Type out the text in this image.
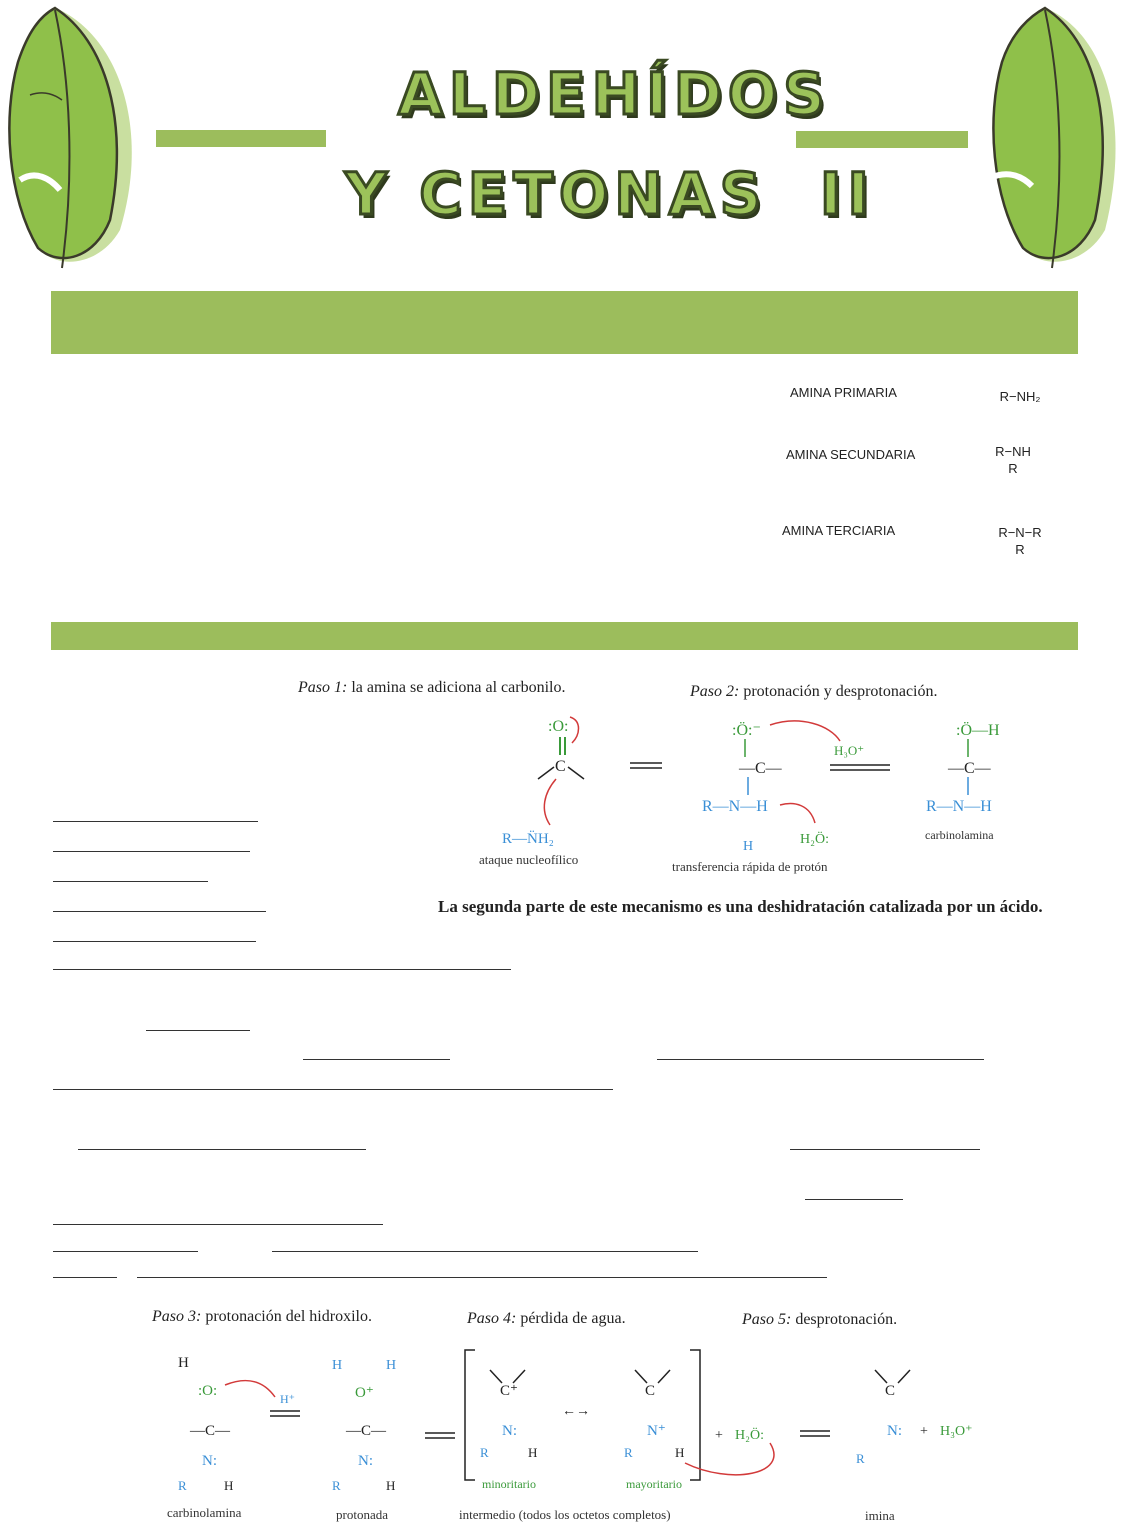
ALDEHÍDOS
Y CETONAS  II
AMINA PRIMARIA	R−NH₂
AMINA SECUNDARIA	R−NH
R
AMINA TERCIARIA	R−N−R
R
Paso 1: la amina se adiciona al carbonilo.	Paso 2: protonación y desprotonación.
:O:
C
R—N̈H₂
:Ö:⁻
—C—
R—N—H
H
H₃O⁺
H₂Ö:
:Ö—H
—C—
R—N—H
ataque nucleofílico	transferencia rápida de protón
carbinolamina
La segunda parte de este mecanismo es una deshidratación catalizada por un ácido.
Paso 3: protonación del hidroxilo.	Paso 4: pérdida de agua.	Paso 5: desprotonación.
H
:O:
—C—
N:
R	H
H⁺
H	H
O⁺
—C—
N:
R	H
C⁺
N:
R	H
←→
C
N⁺
R	H
+ H₂Ö:
C
N:
R
+ H₃O⁺
carbinolamina	protonada
minoritario	mayoritario
intermedio (todos los octetos completos)	imina
